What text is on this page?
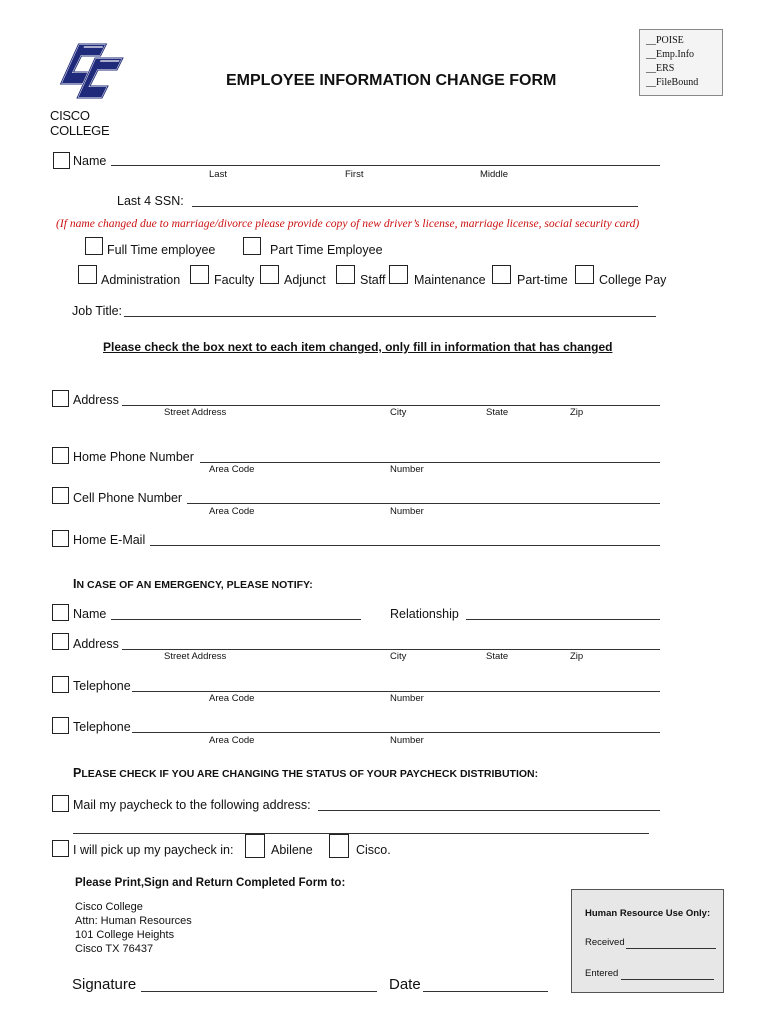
CISCO COLLEGE
EMPLOYEE INFORMATION CHANGE FORM
__POISE
__Emp.Info
__ERS
__FileBound
Name
Last	First	Middle
Last 4 SSN:
(If name changed due to marriage/divorce please provide copy of new driver’s license, marriage license, social security card)
Full Time employee	Part Time Employee
Administration	Faculty Adjunct	Staff Maintenance	Part-time	College Pay
Job Title:
Please check the box next to each item changed, only fill in information that has changed
Address
Street Address	City	State	Zip
Home Phone Number
Area Code	Number
Cell Phone Number
Area Code	Number
Home E-Mail
IN CASE OF AN EMERGENCY, PLEASE NOTIFY:
Name	Relationship
Address
Street Address	City	State	Zip
Telephone
Area Code	Number
Telephone
Area Code	Number
PLEASE CHECK IF YOU ARE CHANGING THE STATUS OF YOUR PAYCHECK DISTRIBUTION:
Mail my paycheck to the following address:
I will pick up my paycheck in:	Abilene	Cisco.
Please Print,Sign and Return Completed Form to:
Cisco College
Attn: Human Resources
101 College Heights
Cisco TX 76437
Signature	Date
Human Resource Use Only:
Received
Entered
